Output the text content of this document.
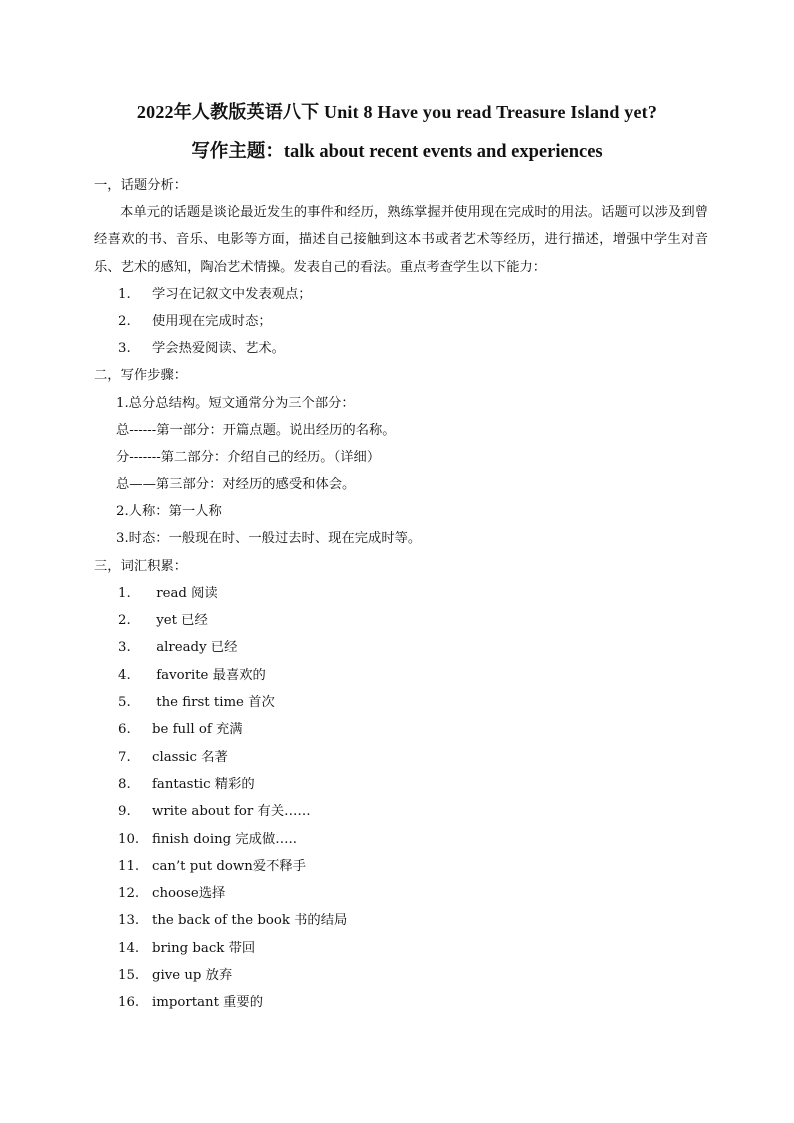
2022年人教版英语八下 Unit 8 Have you read Treasure Island yet?
写作主题：talk about recent events and experiences
一，话题分析：
本单元的话题是谈论最近发生的事件和经历，熟练掌握并使用现在完成时的用法。话题可以涉及到曾经喜欢的书、音乐、电影等方面，描述自己接触到这本书或者艺术等经历，进行描述，增强中学生对音乐、艺术的感知，陶冶艺术情操。发表自己的看法。重点考查学生以下能力：
1. 学习在记叙文中发表观点；
2. 使用现在完成时态；
3. 学会热爱阅读、艺术。
二，写作步骤：
1.总分总结构。短文通常分为三个部分：
总------第一部分：开篇点题。说出经历的名称。
分-------第二部分：介绍自己的经历。（详细）
总——第三部分：对经历的感受和体会。
2.人称：第一人称
3.时态：一般现在时、一般过去时、现在完成时等。
三，词汇积累：
1. read 阅读
2. yet 已经
3. already 已经
4. favorite 最喜欢的
5. the first time 首次
6. be full of 充满
7. classic 名著
8. fantastic 精彩的
9. write about for 有关……
10. finish doing 完成做…..
11. can’t put down爱不释手
12. choose选择
13. the back of the book 书的结局
14. bring back 带回
15. give up 放弃
16. important 重要的
